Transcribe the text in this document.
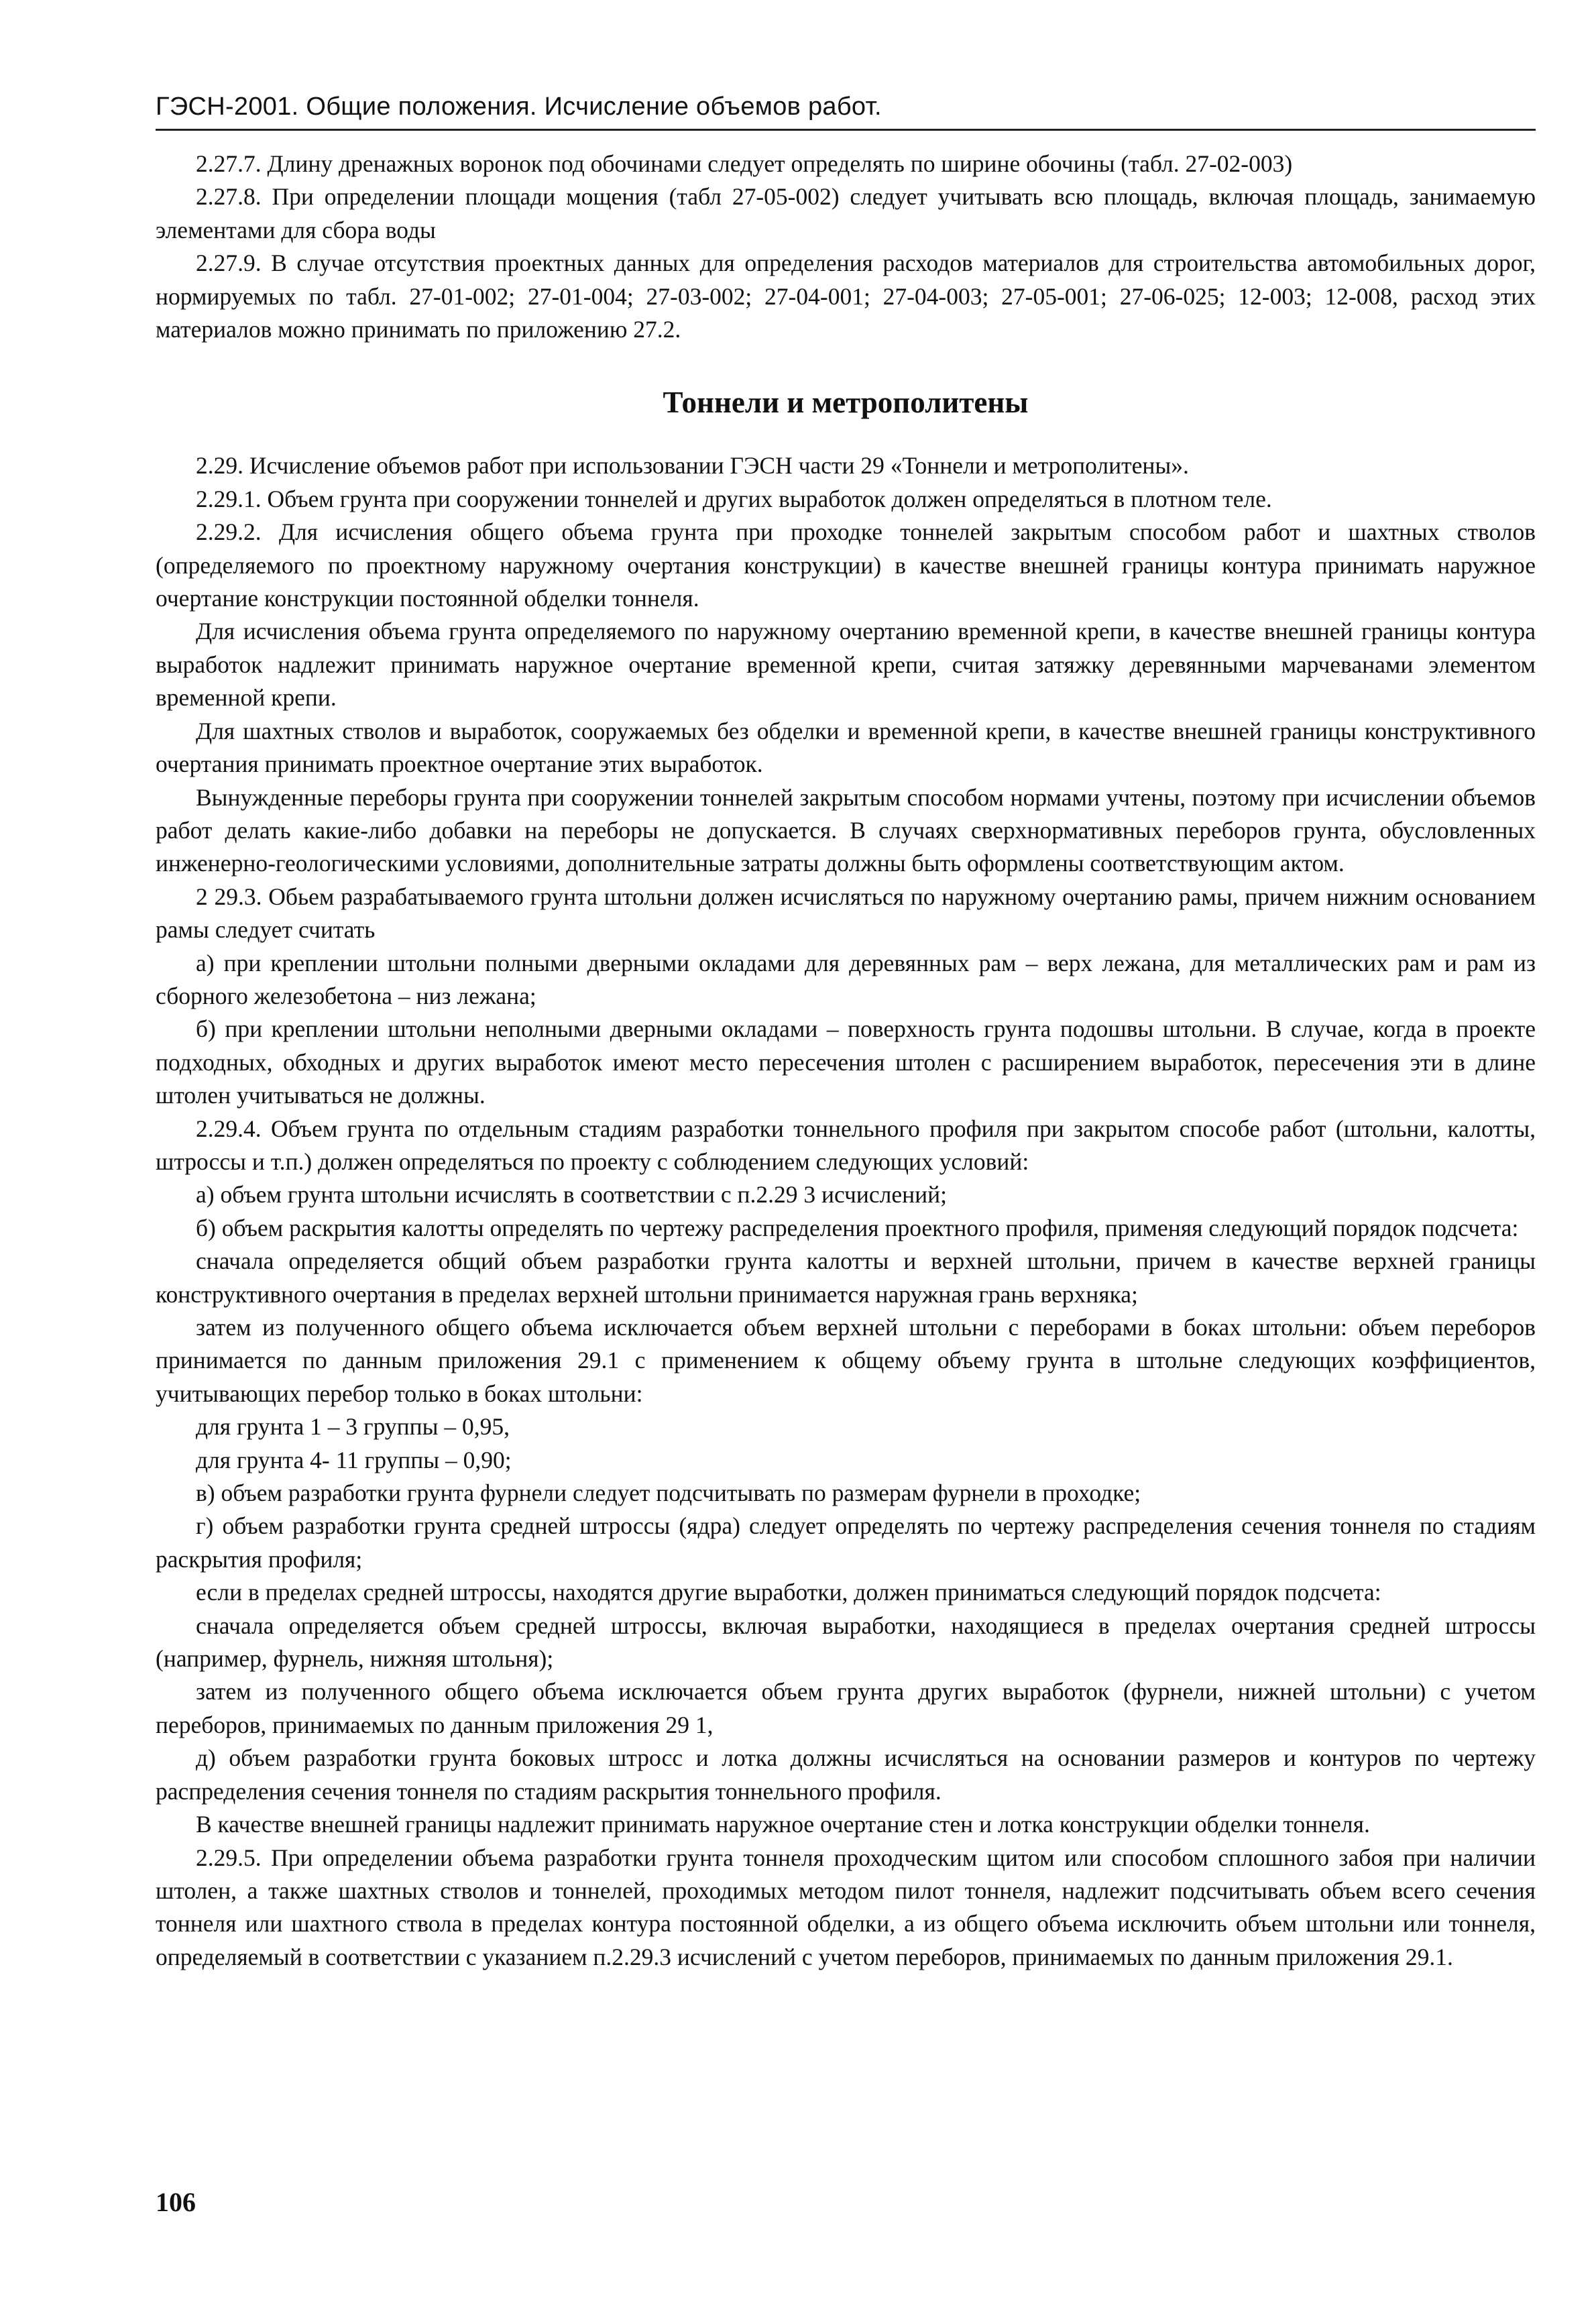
ГЭСН-2001. Общие положения. Исчисление объемов работ.
2.27.7. Длину дренажных воронок под обочинами следует определять по ширине обочины (табл. 27-02-003)
2.27.8. При определении площади мощения (табл 27-05-002) следует учитывать всю площадь, включая площадь, занимаемую элементами для сбора воды
2.27.9. В случае отсутствия проектных данных для определения расходов материалов для строительства автомобильных дорог, нормируемых по табл. 27-01-002; 27-01-004; 27-03-002; 27-04-001; 27-04-003; 27-05-001; 27-06-025; 12-003; 12-008, расход этих материалов можно принимать по приложению 27.2.
Тоннели и метрополитены
2.29. Исчисление объемов работ при использовании ГЭСН части 29 «Тоннели и метрополитены».
2.29.1. Объем грунта при сооружении тоннелей и других выработок должен определяться в плотном теле.
2.29.2. Для исчисления общего объема грунта при проходке тоннелей закрытым способом работ и шахтных стволов (определяемого по проектному наружному очертания конструкции) в качестве внешней границы контура принимать наружное очертание конструкции постоянной обделки тоннеля.
Для исчисления объема грунта определяемого по наружному очертанию временной крепи, в качестве внешней границы контура выработок надлежит принимать наружное очертание временной крепи, считая затяжку деревянными марчеванами элементом временной крепи.
Для шахтных стволов и выработок, сооружаемых без обделки и временной крепи, в качестве внешней границы конструктивного очертания принимать проектное очертание этих выработок.
Вынужденные переборы грунта при сооружении тоннелей закрытым способом нормами учтены, поэтому при исчислении объемов работ делать какие-либо добавки на переборы не допускается. В случаях сверхнормативных переборов грунта, обусловленных инженерно-геологическими условиями, дополнительные затраты должны быть оформлены соответствующим актом.
2 29.3. Обьем разрабатываемого грунта штольни должен исчисляться по наружному очертанию рамы, причем нижним основанием рамы следует считать
а) при креплении штольни полными дверными окладами для деревянных рам – верх лежана, для металлических рам и рам из сборного железобетона – низ лежана;
б) при креплении штольни неполными дверными окладами – поверхность грунта подошвы штольни. В случае, когда в проекте подходных, обходных и других выработок имеют место пересечения штолен с расширением выработок, пересечения эти в длине штолен учитываться не должны.
2.29.4. Объем грунта по отдельным стадиям разработки тоннельного профиля при закрытом способе работ (штольни, калотты, штроссы и т.п.) должен определяться по проекту с соблюдением следующих условий:
а) объем грунта штольни исчислять в соответствии с п.2.29 3 исчислений;
б) объем раскрытия калотты определять по чертежу распределения проектного профиля, применяя следующий порядок подсчета:
сначала определяется общий объем разработки грунта калотты и верхней штольни, причем в качестве верхней границы конструктивного очертания в пределах верхней штольни принимается наружная грань верхняка;
затем из полученного общего объема исключается объем верхней штольни с переборами в боках штольни: объем переборов принимается по данным приложения 29.1 с применением к общему объему грунта в штольне следующих коэффициентов, учитывающих перебор только в боках штольни:
для грунта 1 – 3 группы – 0,95,
для грунта 4- 11 группы – 0,90;
в) объем разработки грунта фурнели следует подсчитывать по размерам фурнели в проходке;
г) объем разработки грунта средней штроссы (ядра) следует определять по чертежу распределения сечения тоннеля по стадиям раскрытия профиля;
если в пределах средней штроссы, находятся другие выработки, должен приниматься следующий порядок подсчета:
сначала определяется объем средней штроссы, включая выработки, находящиеся в пределах очертания средней штроссы (например, фурнель, нижняя штольня);
затем из полученного общего объема исключается объем грунта других выработок (фурнели, нижней штольни) с учетом переборов, принимаемых по данным приложения 29 1,
д) объем разработки грунта боковых штросс и лотка должны исчисляться на основании размеров и контуров по чертежу распределения сечения тоннеля по стадиям раскрытия тоннельного профиля.
В качестве внешней границы надлежит принимать наружное очертание стен и лотка конструкции обделки тоннеля.
2.29.5. При определении объема разработки грунта тоннеля проходческим щитом или способом сплошного забоя при наличии штолен, а также шахтных стволов и тоннелей, проходимых методом пилот тоннеля, надлежит подсчитывать объем всего сечения тоннеля или шахтного ствола в пределах контура постоянной обделки, а из общего объема исключить объем штольни или тоннеля, определяемый в соответствии с указанием п.2.29.3 исчислений с учетом переборов, принимаемых по данным приложения 29.1.
106
